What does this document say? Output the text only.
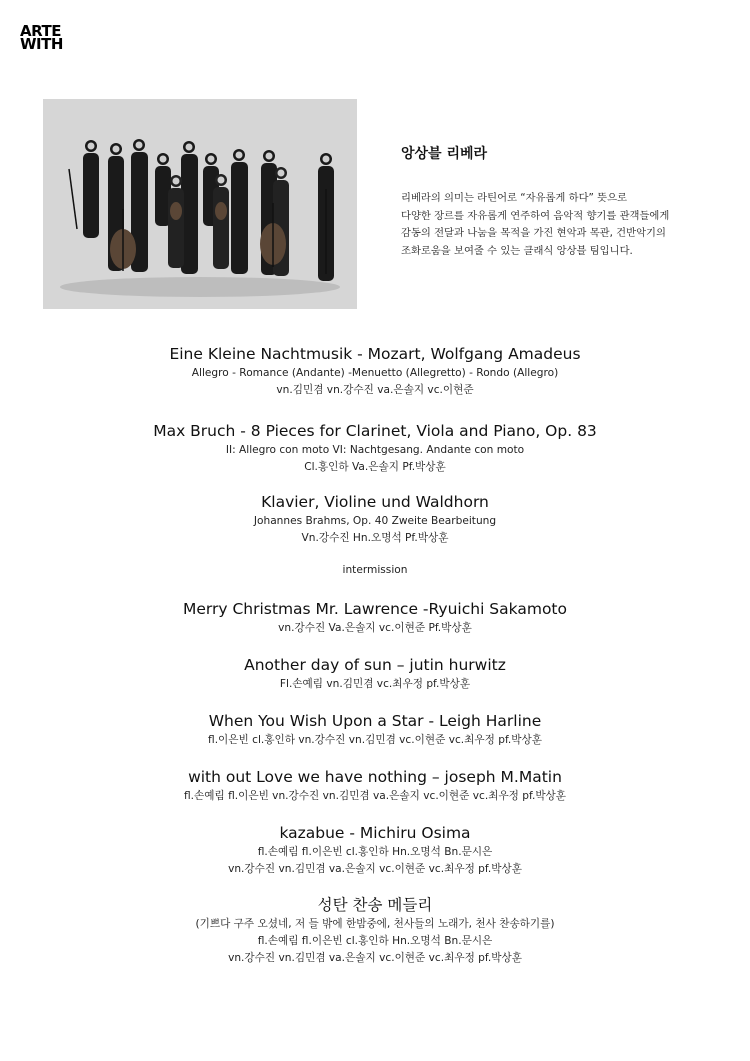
ARTE
WITH

앙상블 리베라

리베라의 의미는 라틴어로 “자유롭게 하다” 뜻으로
다양한 장르를 자유롭게 연주하여 음악적 향기를 관객들에게
감동의 전달과 나눔을 목적을 가진 현악과 목관, 건반악기의
조화로움을 보여줄 수 있는 클래식 앙상블 팀입니다.

Eine Kleine Nachtmusik - Mozart, Wolfgang Amadeus

Allegro - Romance (Andante) -Menuetto (Allegretto) - Rondo (Allegro)

vn.김민겸 vn.강수진 va.은솔지 vc.이현준

Max Bruch - 8 Pieces for Clarinet, Viola and Piano, Op. 83

II: Allegro con moto VI: Nachtgesang. Andante con moto

Cl.홍인하 Va.은솔지 Pf.박상훈

Klavier, Violine und Waldhorn

Johannes Brahms, Op. 40 Zweite Bearbeitung

Vn.강수진 Hn.오명석 Pf.박상훈

intermission

Merry Christmas Mr. Lawrence -Ryuichi Sakamoto

vn.강수진 Va.은솔지 vc.이현준 Pf.박상훈

Another day of sun – jutin hurwitz

Fl.손예림 vn.김민겸 vc.최우정 pf.박상훈

When You Wish Upon a Star - Leigh Harline

fl.이은빈 cl.홍인하 vn.강수진 vn.김민겸 vc.이현준 vc.최우정 pf.박상훈

with out Love we have nothing – joseph M.Matin

fl.손예림 fl.이은빈 vn.강수진 vn.김민겸 va.은솔지 vc.이현준 vc.최우정 pf.박상훈

kazabue - Michiru Osima

fl.손예림 fl.이은빈 cl.홍인하 Hn.오명석 Bn.문시은

vn.강수진 vn.김민겸 va.은솔지 vc.이현준 vc.최우정 pf.박상훈

성탄 찬송 메들리

(기쁘다 구주 오셨네, 저 들 밖에 한밤중에, 천사들의 노래가, 천사 찬송하기를)

fl.손예림 fl.이은빈 cl.홍인하 Hn.오명석 Bn.문시은

vn.강수진 vn.김민겸 va.은솔지 vc.이현준 vc.최우정 pf.박상훈
